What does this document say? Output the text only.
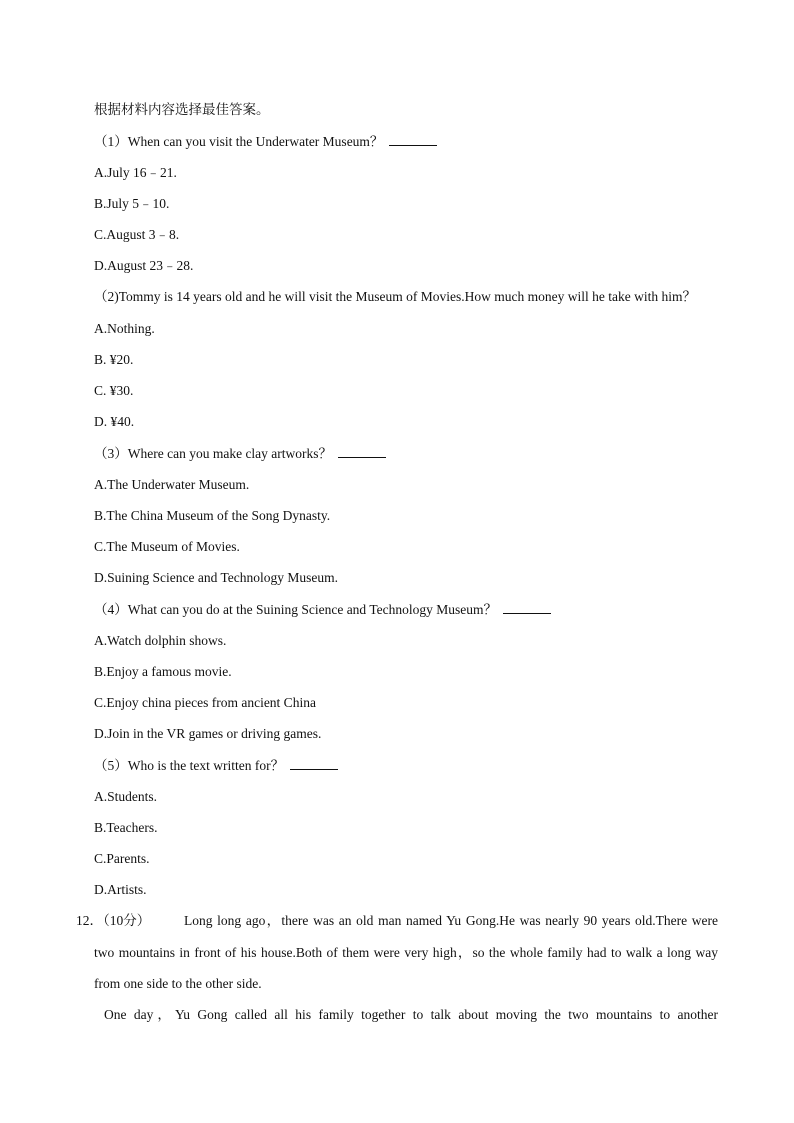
根据材料内容选择最佳答案。
（1）When can you visit the Underwater Museum？
A.July 16﹣21.
B.July 5﹣10.
C.August 3﹣8.
D.August 23﹣28.
（2)Tommy is 14 years old and he will visit the Museum of Movies.How much money will he take with him？
A.Nothing.
B. ¥20.
C. ¥30.
D. ¥40.
（3）Where can you make clay artworks？
A.The Underwater Museum.
B.The China Museum of the Song Dynasty.
C.The Museum of Movies.
D.Suining Science and Technology Museum.
（4）What can you do at the Suining Science and Technology Museum？
A.Watch dolphin shows.
B.Enjoy a famous movie.
C.Enjoy china pieces from ancient China
D.Join in the VR games or driving games.
（5）Who is the text written for？
A.Students.
B.Teachers.
C.Parents.
D.Artists.
12．（10分）	Long long ago，there was an old man named Yu Gong.He was nearly 90 years old.There were
two mountains in front of his house.Both of them were very high，so the whole family had to walk a long way
from one side to the other side.
One day，Yu Gong called all his family together to talk about moving the two mountains to another
